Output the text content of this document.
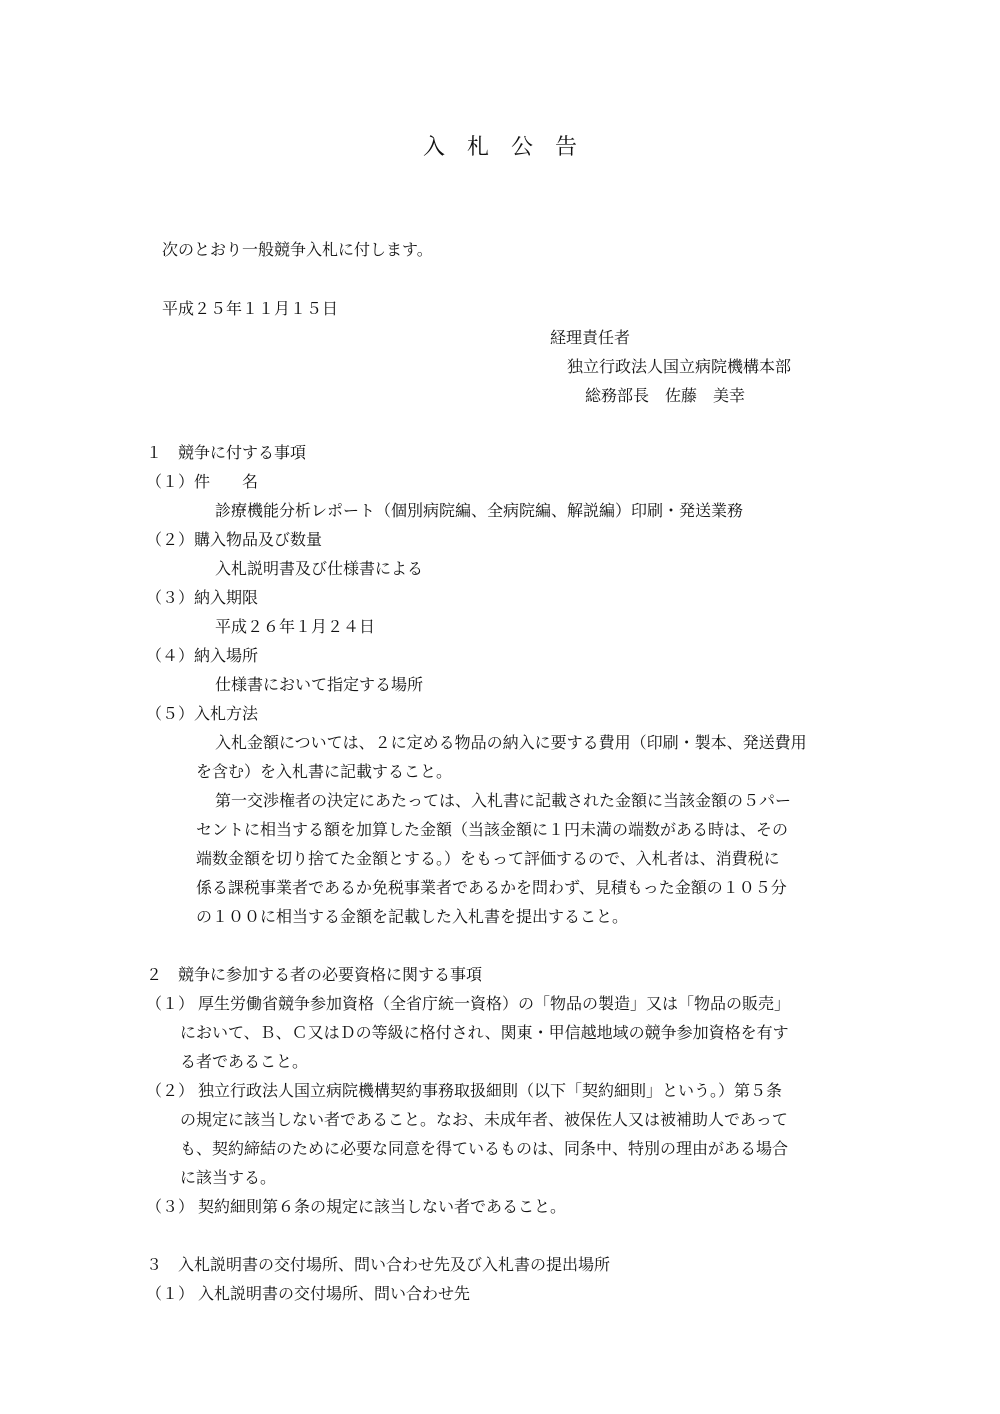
入札公告

次のとおり一般競争入札に付します。

平成２５年１１月１５日

経理責任者

独立行政法人国立病院機構本部

総務部長　佐藤　美幸

１　競争に付する事項

（１）件　　名

診療機能分析レポート（個別病院編、全病院編、解説編）印刷・発送業務

（２）購入物品及び数量

入札説明書及び仕様書による

（３）納入期限

平成２６年１月２４日

（４）納入場所

仕様書において指定する場所

（５）入札方法

入札金額については、２に定める物品の納入に要する費用（印刷・製本、発送費用

を含む）を入札書に記載すること。

第一交渉権者の決定にあたっては、入札書に記載された金額に当該金額の５パー

セントに相当する額を加算した金額（当該金額に１円未満の端数がある時は、その

端数金額を切り捨てた金額とする。）をもって評価するので、入札者は、消費税に

係る課税事業者であるか免税事業者であるかを問わず、見積もった金額の１０５分

の１００に相当する金額を記載した入札書を提出すること。

２　競争に参加する者の必要資格に関する事項

（１） 厚生労働省競争参加資格（全省庁統一資格）の「物品の製造」又は「物品の販売」

において、Ｂ、Ｃ又はＤの等級に格付され、関東・甲信越地域の競争参加資格を有す

る者であること。

（２） 独立行政法人国立病院機構契約事務取扱細則（以下「契約細則」という。）第５条

の規定に該当しない者であること。なお、未成年者、被保佐人又は被補助人であって

も、契約締結のために必要な同意を得ているものは、同条中、特別の理由がある場合

に該当する。

（３） 契約細則第６条の規定に該当しない者であること。

３　入札説明書の交付場所、問い合わせ先及び入札書の提出場所

（１） 入札説明書の交付場所、問い合わせ先
